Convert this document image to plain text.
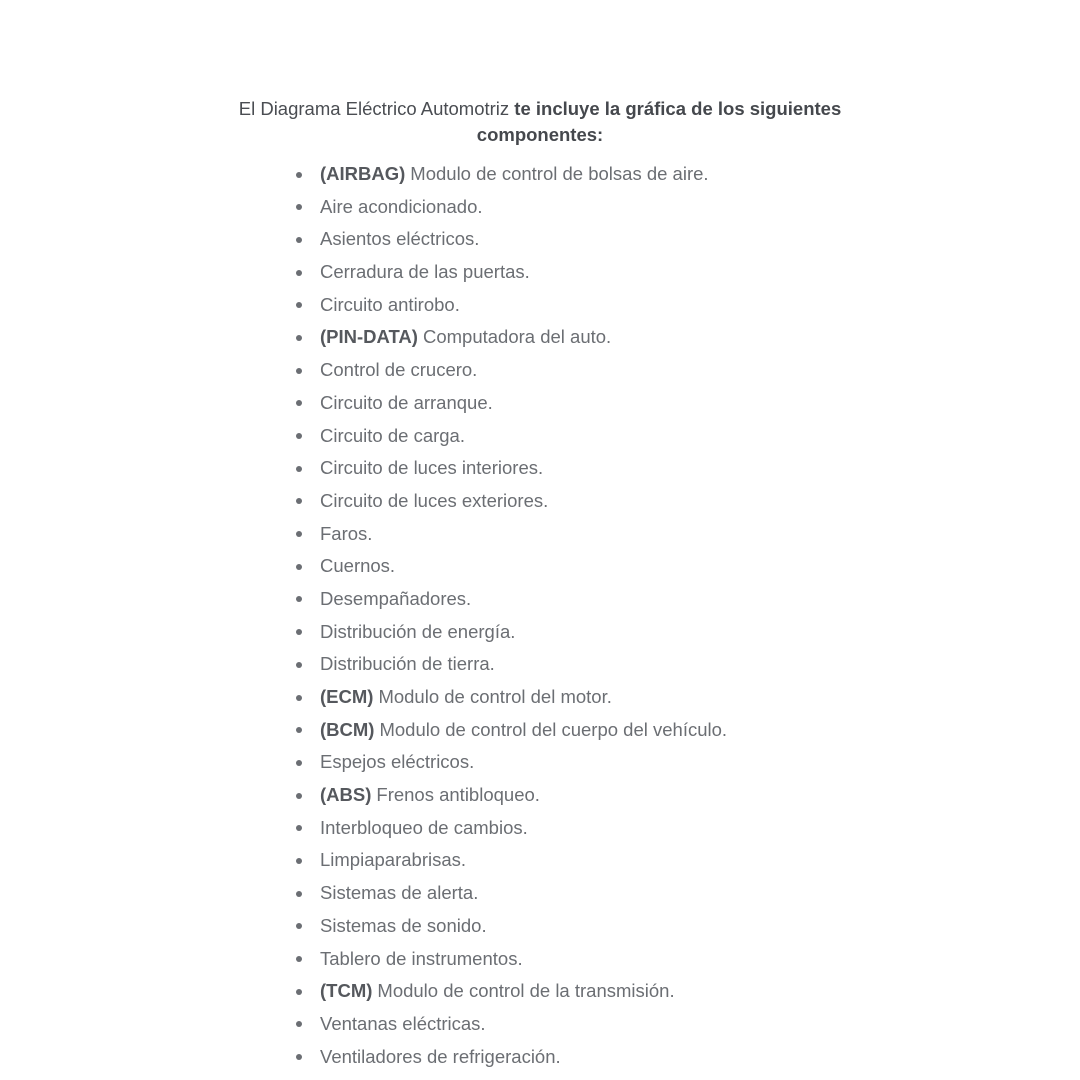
El Diagrama Eléctrico Automotriz te incluye la gráfica de los siguientes componentes:

(AIRBAG) Modulo de control de bolsas de aire.
Aire acondicionado.
Asientos eléctricos.
Cerradura de las puertas.
Circuito antirobo.
(PIN-DATA) Computadora del auto.
Control de crucero.
Circuito de arranque.
Circuito de carga.
Circuito de luces interiores.
Circuito de luces exteriores.
Faros.
Cuernos.
Desempañadores.
Distribución de energía.
Distribución de tierra.
(ECM) Modulo de control del motor.
(BCM) Modulo de control del cuerpo del vehículo.
Espejos eléctricos.
(ABS) Frenos antibloqueo.
Interbloqueo de cambios.
Limpiaparabrisas.
Sistemas de alerta.
Sistemas de sonido.
Tablero de instrumentos.
(TCM) Modulo de control de la transmisión.
Ventanas eléctricas.
Ventiladores de refrigeración.
